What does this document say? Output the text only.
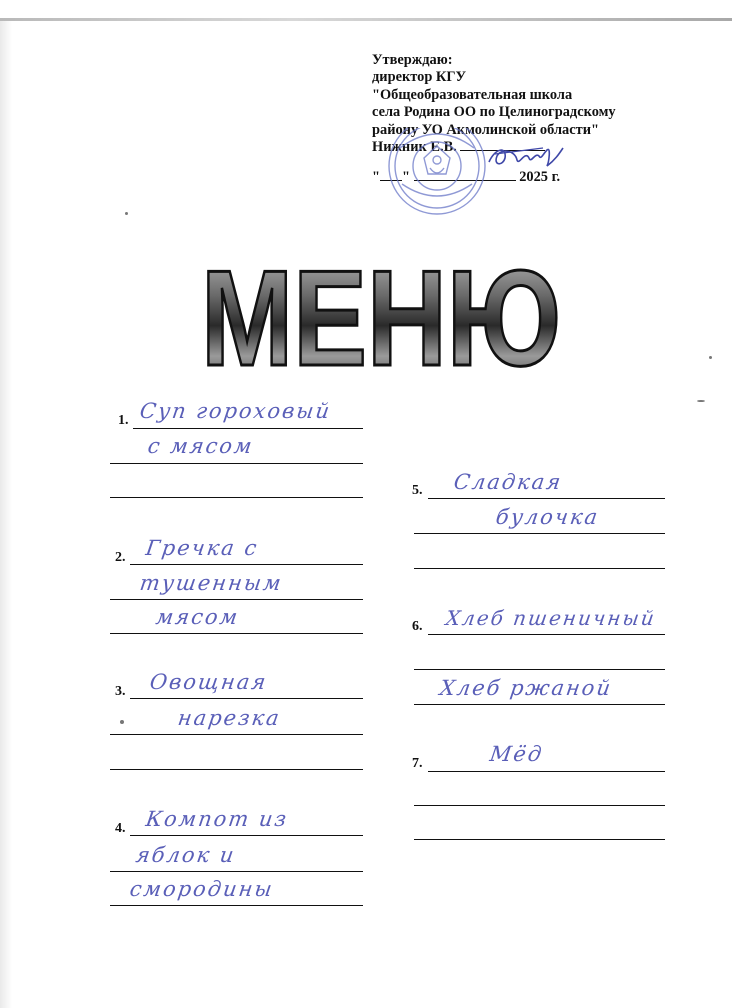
Утверждаю:
директор КГУ
"Общеобразовательная школа
села Родина ОО по Целиноградскому
району УО Акмолинской области"
Нижник Е.В.
" "	2025 г.
МЕНЮ
1. Суп гороховый
с мясом
2. Гречка с
тушенным
мясом
3. Овощная
нарезка
4. Компот из
яблок и
смородины
5. Сладкая
булочка
6. Хлеб пшеничный
Хлеб ржаной
7.	Мёд
